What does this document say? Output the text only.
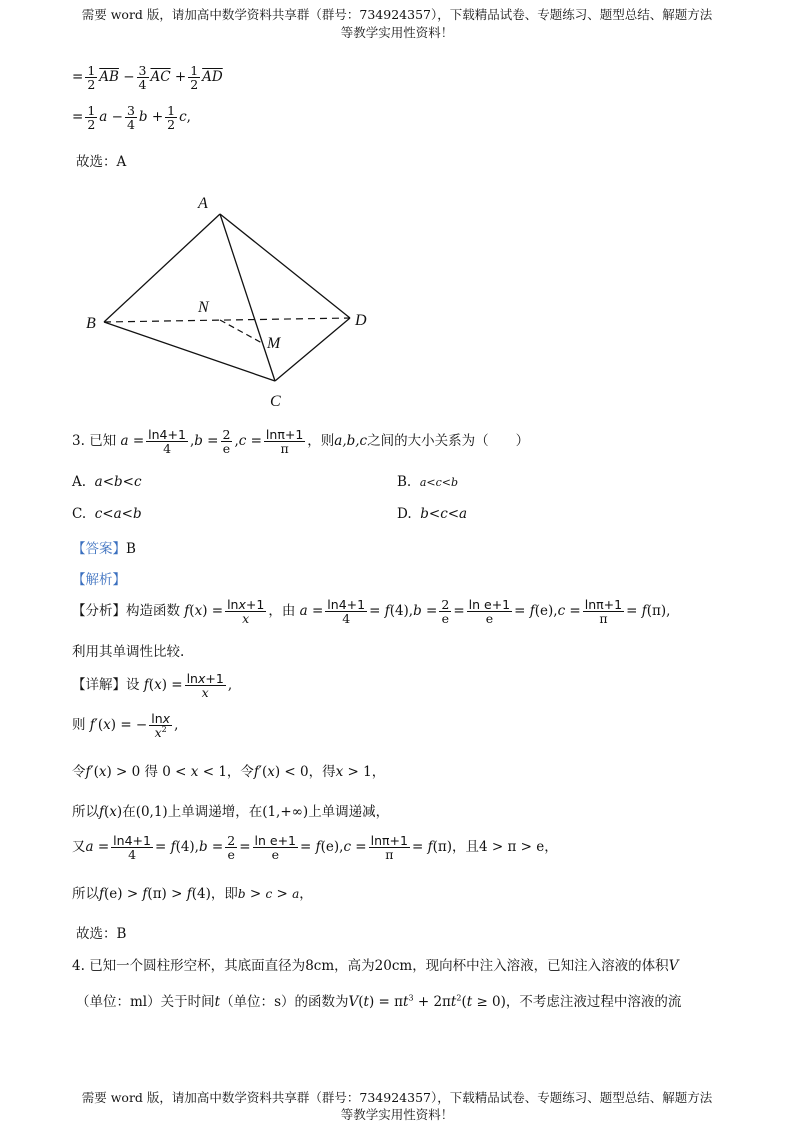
需要 word 版，请加高中数学资料共享群（群号：734924357），下载精品试卷、专题练习、题型总结、解题方法
等教学实用性资料！
= $\frac{1}{2} \overline{AB} - \frac{3}{4} \overline{AC} + \frac{1}{2} \overline{AD}$
= $\frac{1}{2}$ $a - \frac{3}{4}$ $b + \frac{1}{2} c$,
故选：A
A
B
C
D
N
M
3. 已知 $a = \frac{\ln 4+1}{4} ,b = \frac{2}{e} ,c = \frac{\ln\pi+1}{\pi}$ ，则a,b,c之间的大小关系为（　　）
A. a<b<c	B. a<c<b
C. c<a<b	D. b<c<a
【答案】B
【解析】
【分析】构造函数 $f(x) = \frac{\ln x+1}{x}$ ，由 $a = \frac{\ln 4+1}{4} = f(4),b = \frac{2}{e} = \frac{\text{ln e+1}}{e} = f(e),c = \frac{\ln\pi+1}{\pi} = f(\pi)$,
利用其单调性比较.
【详解】设 $f(x) = \frac{\ln x+1}{x}$ ,
则 f′(x) = − $\frac{\ln x}{x^2}$ ,
令f′(x) > 0 得 0 < x < 1，令f′(x) < 0，得x > 1，
所以f(x)在(0,1)上单调递增，在(1,+∞)上单调递减，
又$a = \frac{\ln 4+1}{4} = f(4),b = \frac{2}{e} = \frac{\text{ln e+1}}{e} = f(e),c = \frac{\ln\pi+1}{\pi} = f(\pi)$，且4 > π > e，
所以f(e) > f(π) > f(4)，即b > c > a，
故选：B
4. 已知一个圆柱形空杯，其底面直径为8cm，高为20cm，现向杯中注入溶液，已知注入溶液的体积V
（单位：ml）关于时间t（单位：s）的函数为$V(t) = \pi t^3 + 2\pi t^2(t \ge 0)$，不考虑注液过程中溶液的流
需要 word 版，请加高中数学资料共享群（群号：734924357），下载精品试卷、专题练习、题型总结、解题方法
等教学实用性资料！
